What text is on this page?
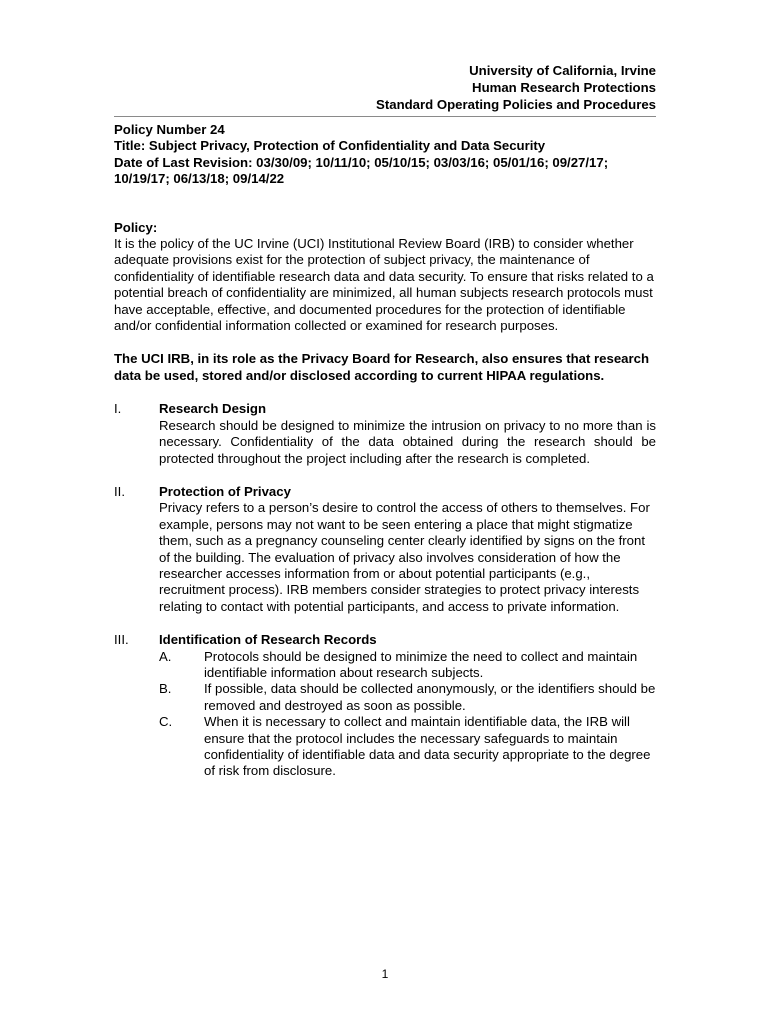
University of California, Irvine
Human Research Protections
Standard Operating Policies and Procedures
Policy Number 24
Title: Subject Privacy, Protection of Confidentiality and Data Security
Date of Last Revision: 03/30/09; 10/11/10; 05/10/15; 03/03/16; 05/01/16; 09/27/17;
10/19/17; 06/13/18; 09/14/22
Policy:

It is the policy of the UC Irvine (UCI) Institutional Review Board (IRB) to consider whether adequate provisions exist for the protection of subject privacy, the maintenance of confidentiality of identifiable research data and data security. To ensure that risks related to a potential breach of confidentiality are minimized, all human subjects research protocols must have acceptable, effective, and documented procedures for the protection of identifiable and/or confidential information collected or examined for research purposes.

The UCI IRB, in its role as the Privacy Board for Research, also ensures that research data be used, stored and/or disclosed according to current HIPAA regulations.

I.	Research Design
Research should be designed to minimize the intrusion on privacy to no more than is necessary. Confidentiality of the data obtained during the research should be protected throughout the project including after the research is completed.
II.	Protection of Privacy
Privacy refers to a person’s desire to control the access of others to themselves. For example, persons may not want to be seen entering a place that might stigmatize them, such as a pregnancy counseling center clearly identified by signs on the front of the building. The evaluation of privacy also involves consideration of how the researcher accesses information from or about potential participants (e.g., recruitment process). IRB members consider strategies to protect privacy interests relating to contact with potential participants, and access to private information.
III. Identification of Research Records
A. Protocols should be designed to minimize the need to collect and maintain identifiable information about research subjects.
B. If possible, data should be collected anonymously, or the identifiers should be removed and destroyed as soon as possible.
C. When it is necessary to collect and maintain identifiable data, the IRB will ensure that the protocol includes the necessary safeguards to maintain confidentiality of identifiable data and data security appropriate to the degree of risk from disclosure.
1
